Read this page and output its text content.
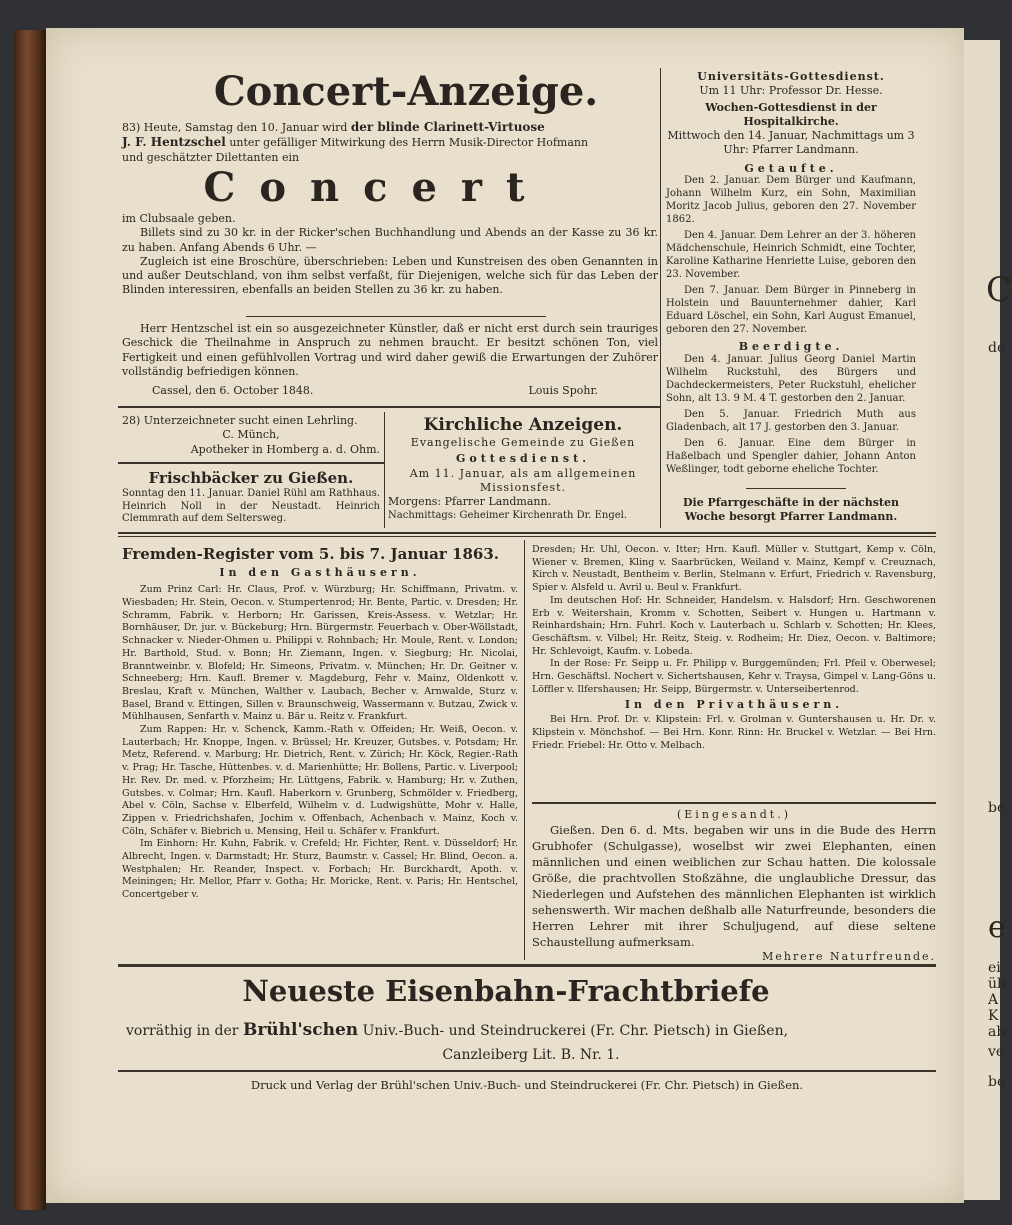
C
de
be
e
ei
üb
A
K
ab
ve
be
Concert-Anzeige.

83) Heute, Samstag den 10. Januar wird der blinde Clarinett-Virtuose

J. F. Hentzschel unter gefälliger Mitwirkung des Herrn Musik-Director Hofmann

und geschätzter Dilettanten ein

Concert

im Clubsaale geben.

Billets sind zu 30 kr. in der Ricker'schen Buchhandlung und Abends an der Kasse zu 36 kr. zu haben. Anfang Abends 6 Uhr. —

Zugleich ist eine Broschüre, überschrieben: Leben und Kunstreisen des oben Genannten in und außer Deutschland, von ihm selbst verfaßt, für Diejenigen, welche sich für das Leben der Blinden interessiren, ebenfalls an beiden Stellen zu 36 kr. zu haben.

Herr Hentzschel ist ein so ausgezeichneter Künstler, daß er nicht erst durch sein trauriges Geschick die Theilnahme in Anspruch zu nehmen braucht. Er besitzt schönen Ton, viel Fertigkeit und einen gefühlvollen Vortrag und wird daher gewiß die Erwartungen der Zuhörer vollständig befriedigen können.

Cassel, den 6. October 1848.	Louis Spohr.

Universitäts-Gottesdienst.

Um 11 Uhr: Professor Dr. Hesse.

Wochen-Gottesdienst in der Hospitalkirche.

Mittwoch den 14. Januar, Nachmittags um 3 Uhr: Pfarrer Landmann.

Getaufte.

Den 2. Januar. Dem Bürger und Kaufmann, Johann Wilhelm Kurz, ein Sohn, Maximilian Moritz Jacob Julius, geboren den 27. November 1862.

Den 4. Januar. Dem Lehrer an der 3. höheren Mädchenschule, Heinrich Schmidt, eine Tochter, Karoline Katharine Henriette Luise, geboren den 23. November.

Den 7. Januar. Dem Bürger in Pinneberg in Holstein und Bauunternehmer dahier, Karl Eduard Löschel, ein Sohn, Karl August Emanuel, geboren den 27. November.

Beerdigte.

Den 4. Januar. Julius Georg Daniel Martin Wilhelm Ruckstuhl, des Bürgers und Dachdeckermeisters, Peter Ruckstuhl, ehelicher Sohn, alt 13. 9 M. 4 T. gestorben den 2. Januar.

Den 5. Januar. Friedrich Muth aus Gladenbach, alt 17 J. gestorben den 3. Januar.

Den 6. Januar. Eine dem Bürger in Haßelbach und Spengler dahier, Johann Anton Weßlinger, todt geborne eheliche Tochter.

Die Pfarrgeschäfte in der nächsten Woche besorgt Pfarrer Landmann.

28) Unterzeichneter sucht einen Lehrling.

C. Münch,

Apotheker in Homberg a. d. Ohm.

Frischbäcker zu Gießen.

Sonntag den 11. Januar. Daniel Rühl am Rathhaus. Heinrich Noll in der Neustadt. Heinrich Clemmrath auf dem Seltersweg.

Kirchliche Anzeigen.

Evangelische Gemeinde zu Gießen

Gottesdienst.

Am 11. Januar, als am allgemeinen Missionsfest.

Morgens: Pfarrer Landmann.

Nachmittags: Geheimer Kirchenrath Dr. Engel.

Fremden-Register vom 5. bis 7. Januar 1863.

In den Gasthäusern.

Zum Prinz Carl: Hr. Claus, Prof. v. Würzburg; Hr. Schiffmann, Privatm. v. Wiesbaden; Hr. Stein, Oecon. v. Stumpertenrod; Hr. Bente, Partic. v. Dresden; Hr. Schramm, Fabrik. v. Herborn; Hr. Garissen, Kreis-Assess. v. Wetzlar; Hr. Bornhäuser, Dr. jur. v. Bückeburg; Hrn. Bürgermstr. Feuerbach v. Ober-Wöllstadt, Schnacker v. Nieder-Ohmen u. Philippi v. Rohnbach; Hr. Moule, Rent. v. London; Hr. Barthold, Stud. v. Bonn; Hr. Ziemann, Ingen. v. Siegburg; Hr. Nicolai, Branntweinbr. v. Blofeld; Hr. Simeons, Privatm. v. München; Hr. Dr. Geitner v. Schneeberg; Hrn. Kaufl. Bremer v. Magdeburg, Fehr v. Mainz, Oldenkott v. Breslau, Kraft v. München, Walther v. Laubach, Becher v. Arnwalde, Sturz v. Basel, Brand v. Ettingen, Sillen v. Braunschweig, Wassermann v. Butzau, Zwick v. Mühlhausen, Senfarth v. Mainz u. Bär u. Reitz v. Frankfurt.

Zum Rappen: Hr. v. Schenck, Kamm.-Rath v. Offeiden; Hr. Weiß, Oecon. v. Lauterbach; Hr. Knoppe, Ingen. v. Brüssel; Hr. Kreuzer, Gutsbes. v. Potsdam; Hr. Metz, Referend. v. Marburg; Hr. Dietrich, Rent. v. Zürich; Hr. Köck, Regier.-Rath v. Prag; Hr. Tasche, Hüttenbes. v. d. Marienhütte; Hr. Bollens, Partic. v. Liverpool; Hr. Rev. Dr. med. v. Pforzheim; Hr. Lüttgens, Fabrik. v. Hamburg; Hr. v. Zuthen, Gutsbes. v. Colmar; Hrn. Kaufl. Haberkorn v. Grunberg, Schmölder v. Friedberg, Abel v. Cöln, Sachse v. Elberfeld, Wilhelm v. d. Ludwigshütte, Mohr v. Halle, Zippen v. Friedrichshafen, Jochim v. Offenbach, Achenbach v. Mainz, Koch v. Cöln, Schäfer v. Biebrich u. Mensing, Heil u. Schäfer v. Frankfurt.

Im Einhorn: Hr. Kuhn, Fabrik. v. Crefeld; Hr. Fichter, Rent. v. Düsseldorf; Hr. Albrecht, Ingen. v. Darmstadt; Hr. Sturz, Baumstr. v. Cassel; Hr. Blind, Oecon. a. Westphalen; Hr. Reander, Inspect. v. Forbach; Hr. Burckhardt, Apoth. v. Meiningen; Hr. Mellor, Pfarr v. Gotha; Hr. Moricke, Rent. v. Paris; Hr. Hentschel, Concertgeber v.

Dresden; Hr. Uhl, Oecon. v. Itter; Hrn. Kaufl. Müller v. Stuttgart, Kemp v. Cöln, Wiener v. Bremen, Kling v. Saarbrücken, Weiland v. Mainz, Kempf v. Creuznach, Kirch v. Neustadt, Bentheim v. Berlin, Stelmann v. Erfurt, Friedrich v. Ravensburg, Spier v. Alsfeld u. Avril u. Beul v. Frankfurt.

Im deutschen Hof: Hr. Schneider, Handelsm. v. Halsdorf; Hrn. Geschworenen Erb v. Weitershain, Kromm v. Schotten, Seibert v. Hungen u. Hartmann v. Reinhardshain; Hrn. Fuhrl. Koch v. Lauterbach u. Schlarb v. Schotten; Hr. Klees, Geschäftsm. v. Vilbel; Hr. Reitz, Steig. v. Rodheim; Hr. Diez, Oecon. v. Baltimore; Hr. Schlevoigt, Kaufm. v. Lobeda.

In der Rose: Fr. Seipp u. Fr. Philipp v. Burggemünden; Frl. Pfeil v. Oberwesel; Hrn. Geschäftsl. Nochert v. Sichertshausen, Kehr v. Traysa, Gimpel v. Lang-Göns u. Löffler v. Ilfershausen; Hr. Seipp, Bürgermstr. v. Unterseibertenrod.

In den Privathäusern.

Bei Hrn. Prof. Dr. v. Klipstein: Frl. v. Grolman v. Guntershausen u. Hr. Dr. v. Klipstein v. Mönchshof. — Bei Hrn. Konr. Rinn: Hr. Bruckel v. Wetzlar. — Bei Hrn. Friedr. Friebel: Hr. Otto v. Melbach.

(Eingesandt.)

Gießen. Den 6. d. Mts. begaben wir uns in die Bude des Herrn Grubhofer (Schulgasse), woselbst wir zwei Elephanten, einen männlichen und einen weiblichen zur Schau hatten. Die kolossale Größe, die prachtvollen Stoßzähne, die unglaubliche Dressur, das Niederlegen und Aufstehen des männlichen Elephanten ist wirklich sehenswerth. Wir machen deßhalb alle Naturfreunde, besonders die Herren Lehrer mit ihrer Schuljugend, auf diese seltene Schaustellung aufmerksam.

Mehrere Naturfreunde.

Neueste Eisenbahn-Frachtbriefe

vorräthig in der Brühl'schen Univ.-Buch- und Steindruckerei (Fr. Chr. Pietsch) in Gießen,

Canzleiberg Lit. B. Nr. 1.

Druck und Verlag der Brühl'schen Univ.-Buch- und Steindruckerei (Fr. Chr. Pietsch) in Gießen.
